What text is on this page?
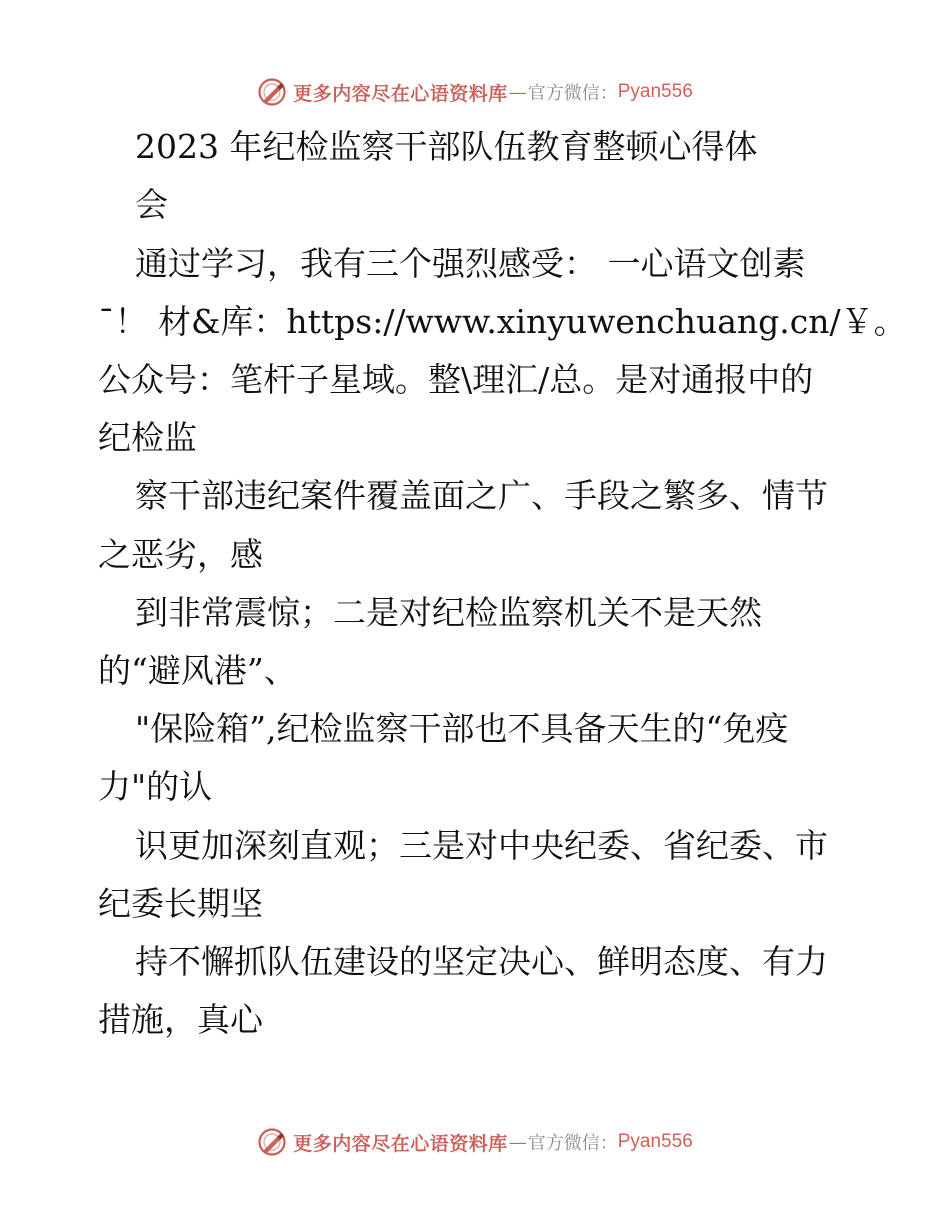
更多内容尽在心语资料库 — 官方微信： Pyan556
2023 年纪检监察干部队伍教育整顿心得体
会
通过学习，我有三个强烈感受： 一心语文创素
¯！ 材&库：https://www.xinyuwenchuang.cn/￥。
公众号：笔杆子星域。整\理汇/总。是对通报中的
纪检监
察干部违纪案件覆盖面之广、手段之繁多、情节
之恶劣，感
到非常震惊；二是对纪检监察机关不是天然
的“避风港”、
"保险箱”,纪检监察干部也不具备天生的“免疫
力"的认
识更加深刻直观；三是对中央纪委、省纪委、市
纪委长期坚
持不懈抓队伍建设的坚定决心、鲜明态度、有力
措施，真心
更多内容尽在心语资料库 — 官方微信： Pyan556
